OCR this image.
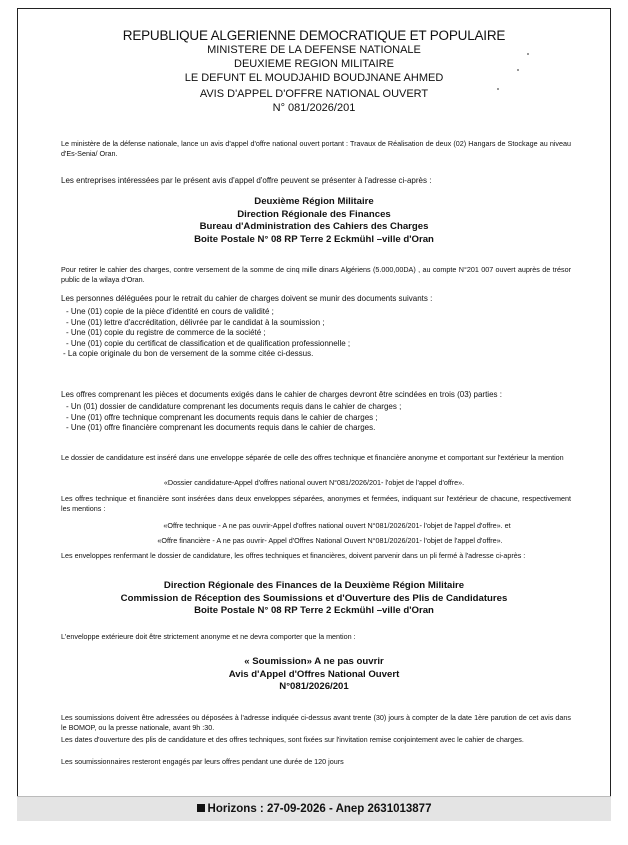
REPUBLIQUE ALGERIENNE DEMOCRATIQUE ET POPULAIRE
MINISTERE DE LA DEFENSE NATIONALE
DEUXIEME REGION MILITAIRE
LE DEFUNT EL MOUDJAHID BOUDJNANE AHMED
AVIS D'APPEL D'OFFRE NATIONAL OUVERT
N° 081/2026/201
Le ministère de la défense nationale, lance un avis d'appel d'offre national ouvert portant : Travaux de Réalisation de deux (02) Hangars de Stockage au niveau d'Es-Senia/ Oran.
Les entreprises intéressées par le présent avis d'appel d'offre peuvent se présenter à l'adresse ci-après :
Deuxième Région Militaire
Direction Régionale des Finances
Bureau d'Administration des Cahiers des Charges
Boite Postale N° 08 RP Terre 2 Eckmühl –ville d'Oran
Pour retirer le cahier des charges, contre versement de la somme de cinq mille dinars Algériens (5.000,00DA) , au compte N°201 007 ouvert auprès de trésor public de la wilaya d'Oran.
Les personnes déléguées pour le retrait du cahier de charges doivent se munir des documents suivants :
- Une (01) copie de la pièce d'identité en cours de validité ;
- Une (01) lettre d'accréditation, délivrée par le candidat à la soumission ;
- Une (01) copie du registre de commerce de la société ;
- Une (01) copie du certificat de classification et de qualification professionnelle ;
- La copie originale du bon de versement de la somme citée ci-dessus.
Les offres comprenant les pièces et documents exigés dans le cahier de charges devront être scindées en trois (03) parties :
- Un (01) dossier de candidature comprenant les documents requis dans le cahier de charges ;
- Une (01) offre technique comprenant les documents requis dans le cahier de charges ;
- Une (01) offre financière comprenant les documents requis dans le cahier de charges.
Le dossier de candidature est inséré dans une enveloppe séparée de celle des offres technique et financière anonyme et comportant sur l'extérieur la mention
«Dossier candidature-Appel d'offres national ouvert N°081/2026/201- l'objet de l'appel d'offre».
Les offres technique et financière sont insérées dans deux enveloppes séparées, anonymes et fermées, indiquant sur l'extérieur de chacune, respectivement les mentions :
«Offre technique - A ne pas ouvrir-Appel d'offres national ouvert N°081/2026/201- l'objet de l'appel d'offre». et
«Offre financière - A ne pas ouvrir- Appel d'Offres National Ouvert N°081/2026/201- l'objet de l'appel d'offre».
Les enveloppes renfermant le dossier de candidature, les offres techniques et financières, doivent parvenir dans un pli fermé à l'adresse ci-après :
Direction Régionale des Finances de la Deuxième Région Militaire
Commission de Réception des Soumissions et d'Ouverture des Plis de Candidatures
Boite Postale N° 08 RP Terre 2 Eckmühl –ville d'Oran
L'enveloppe extérieure doit être strictement anonyme et ne devra comporter que la mention :
« Soumission» A ne pas ouvrir
Avis d'Appel d'Offres National Ouvert
N°081/2026/201
Les soumissions doivent être adressées ou déposées à l'adresse indiquée ci-dessus avant trente (30) jours à compter de la date 1ère parution de cet avis dans le BOMOP, ou la presse nationale, avant 9h :30.
Les dates d'ouverture des plis de candidature et des offres techniques, sont fixées sur l'invitation remise conjointement avec le cahier de charges.
Les soumissionnaires resteront engagés par leurs offres pendant une durée de 120 jours
Horizons : 27-09-2026 - Anep 2631013877
